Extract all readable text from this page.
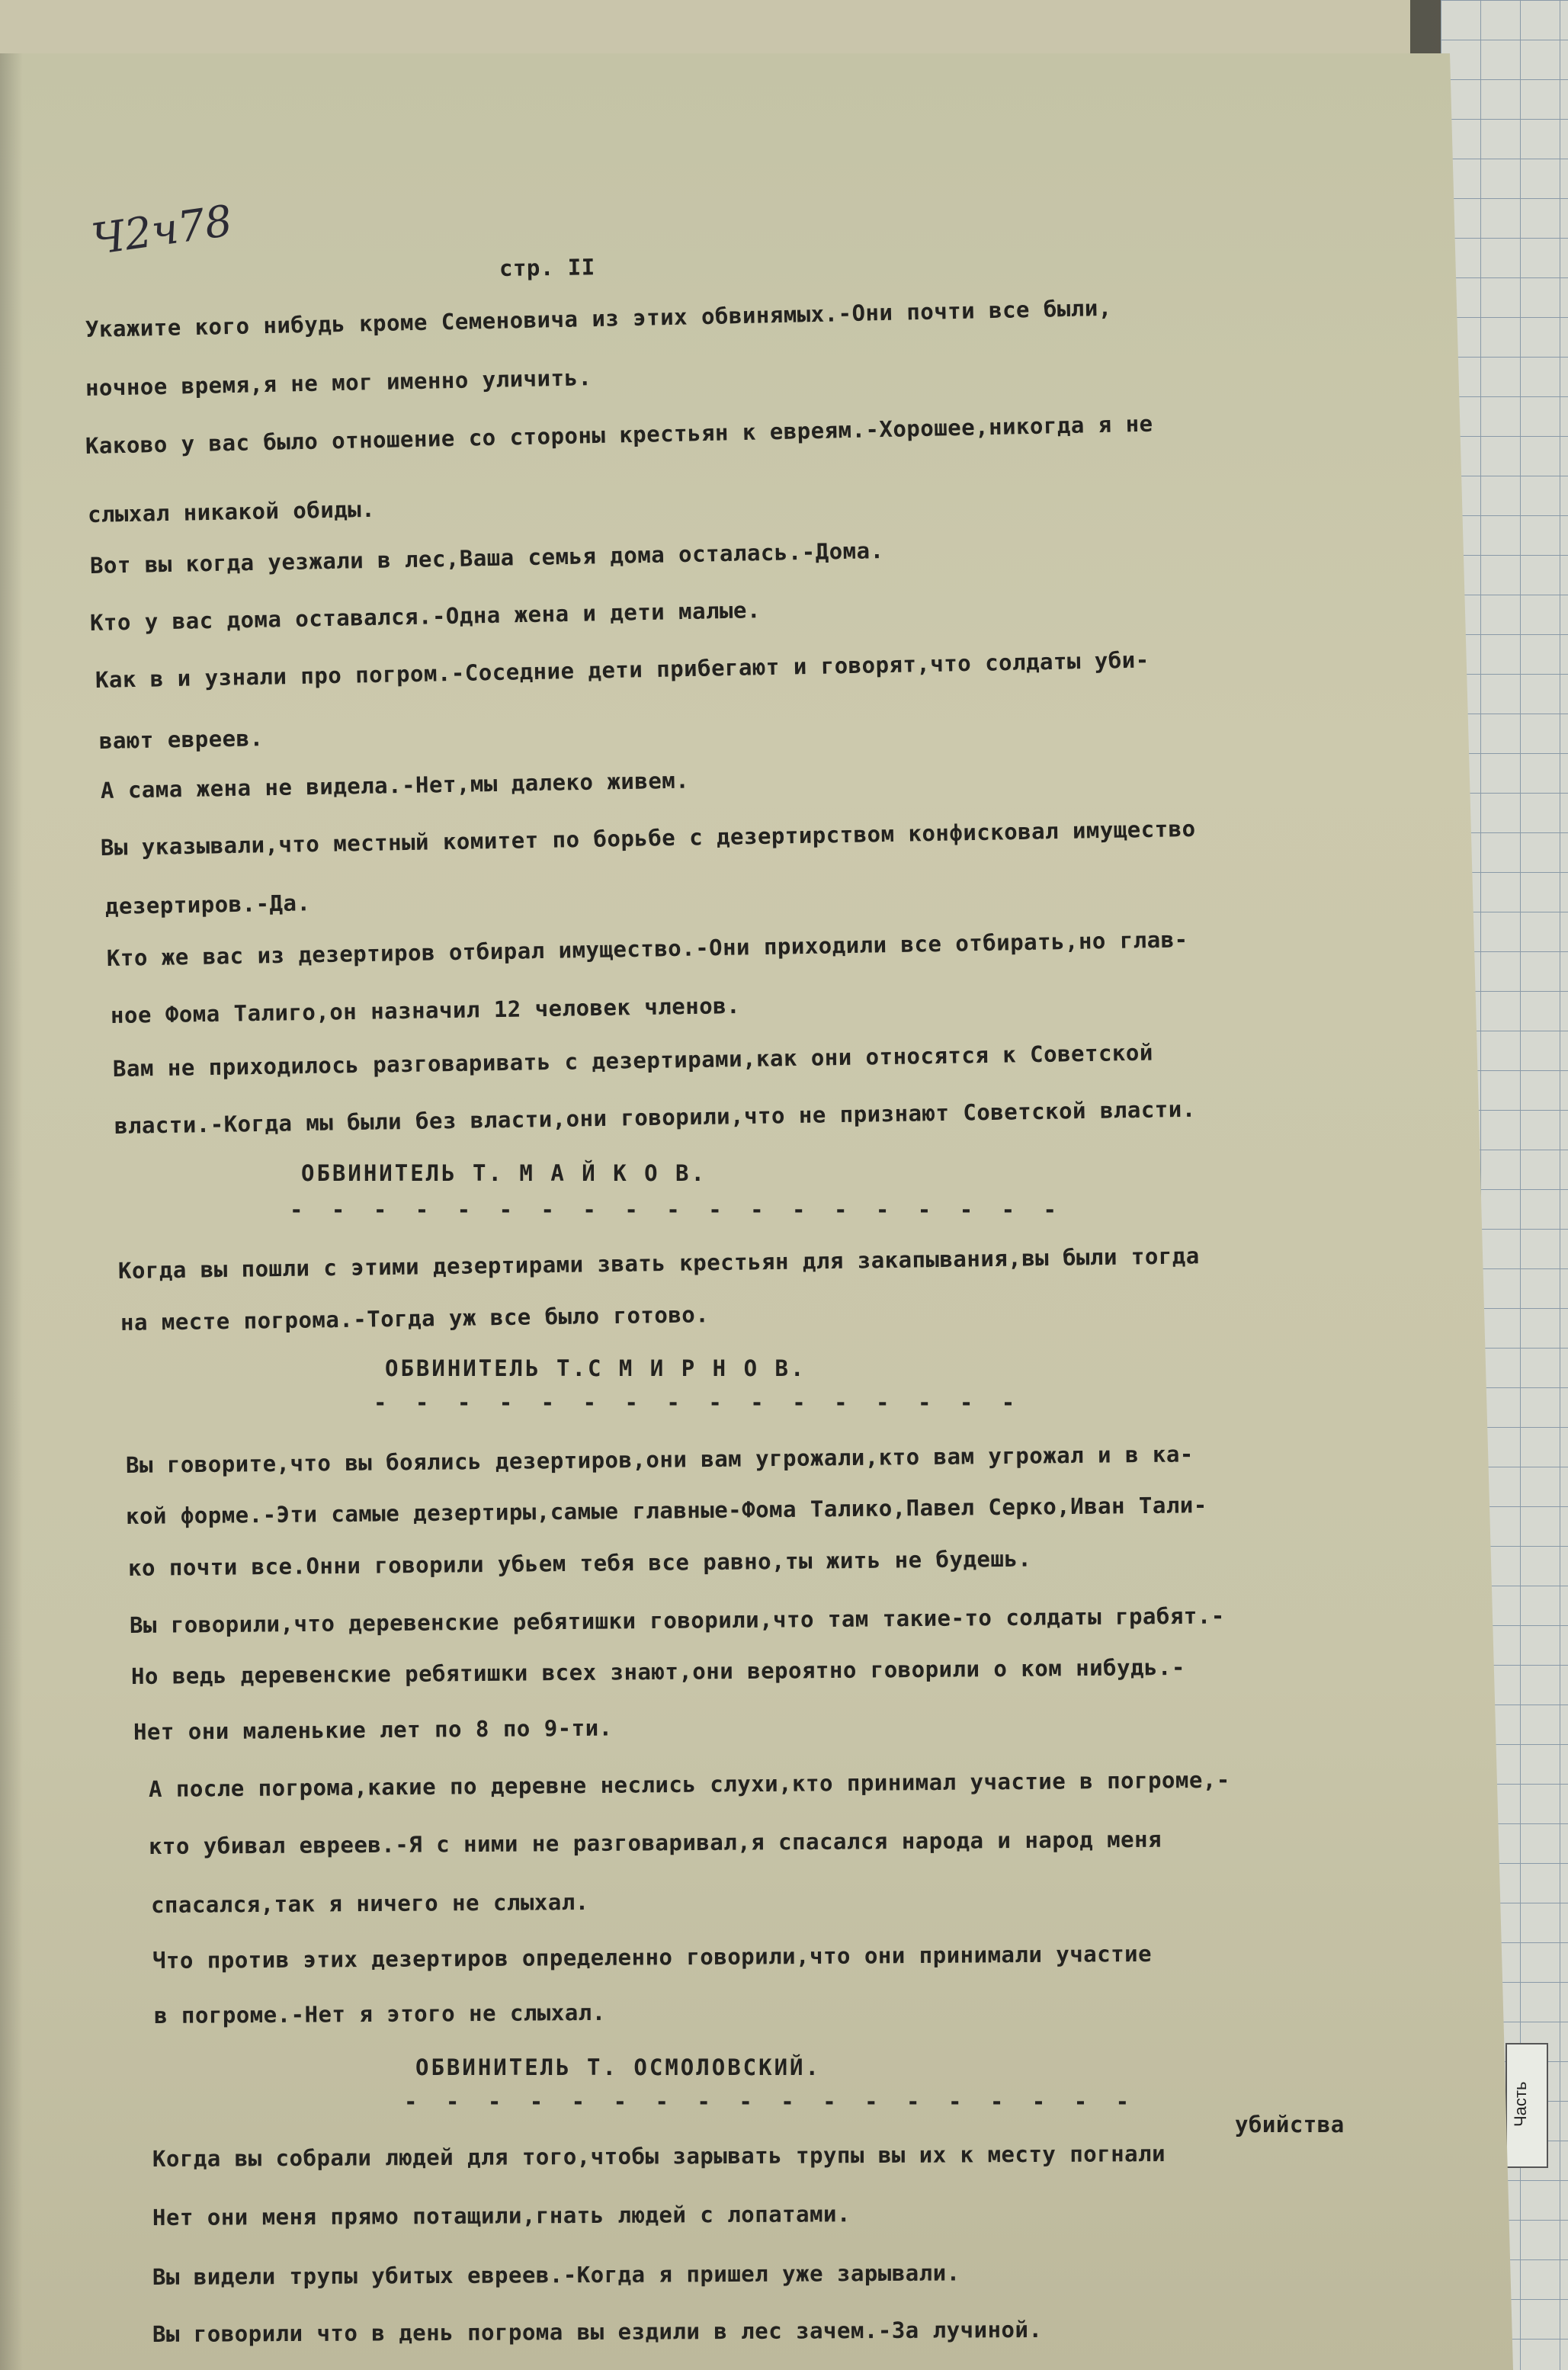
Часть
Ч2ч78
стр. II
Укажите кого нибудь кроме Семеновича из этих обвинямых.-Они почти все были,
ночное время,я не мог именно уличить.
Каково у вас было отношение со стороны крестьян к евреям.-Хорошее,никогда я не
слыхал никакой обиды.
Вот вы когда уезжали в лес,Ваша семья дома осталась.-Дома.
Кто у вас дома оставался.-Одна жена и дети малые.
Как в и узнали про погром.-Соседние дети прибегают и говорят,что солдаты уби-
вают евреев.
А сама жена не видела.-Нет,мы далеко живем.
Вы указывали,что местный комитет по борьбе с дезертирством конфисковал имущество
дезертиров.-Да.
Кто же вас из дезертиров отбирал имущество.-Они приходили все отбирать,но глав-
ное Фома Талиго,он назначил 12 человек членов.
Вам не приходилось разговаривать с дезертирами,как они относятся к Советской
власти.-Когда мы были без власти,они говорили,что не признают Советской власти.
ОБВИНИТЕЛЬ Т. М А Й К О В.
- - - - - - - - - - - - - - - - - - -
Когда вы пошли с этими дезертирами звать крестьян для закапывания,вы были тогда
на месте погрома.-Тогда уж все было готово.
ОБВИНИТЕЛЬ Т.С М И Р Н О В.
- - - - - - - - - - - - - - - -
Вы говорите,что вы боялись дезертиров,они вам угрожали,кто вам угрожал и в ка-
кой форме.-Эти самые дезертиры,самые главные-Фома Талико,Павел Серко,Иван Тали-
ко почти все.Онни говорили убьем тебя все равно,ты жить не будешь.
Вы говорили,что деревенские ребятишки говорили,что там такие-то солдаты грабят.-
Но ведь деревенские ребятишки всех знают,они вероятно говорили о ком нибудь.-
Нет они маленькие лет по 8 по 9-ти.
А после погрома,какие по деревне неслись слухи,кто принимал участие в погроме,-
кто убивал евреев.-Я с ними не разговаривал,я спасался народа и народ меня
спасался,так я ничего не слыхал.
Что против этих дезертиров определенно говорили,что они принимали участие
в погроме.-Нет я этого не слыхал.
ОБВИНИТЕЛЬ Т. ОСМОЛОВСКИЙ.
- - - - - - - - - - - - - - - - - -
убийства
Когда вы собрали людей для того,чтобы зарывать трупы вы их к месту погнали
Нет они меня прямо потащили,гнать людей с лопатами.
Вы видели трупы убитых евреев.-Когда я пришел уже зарывали.
Вы говорили что в день погрома вы ездили в лес зачем.-За лучиной.
